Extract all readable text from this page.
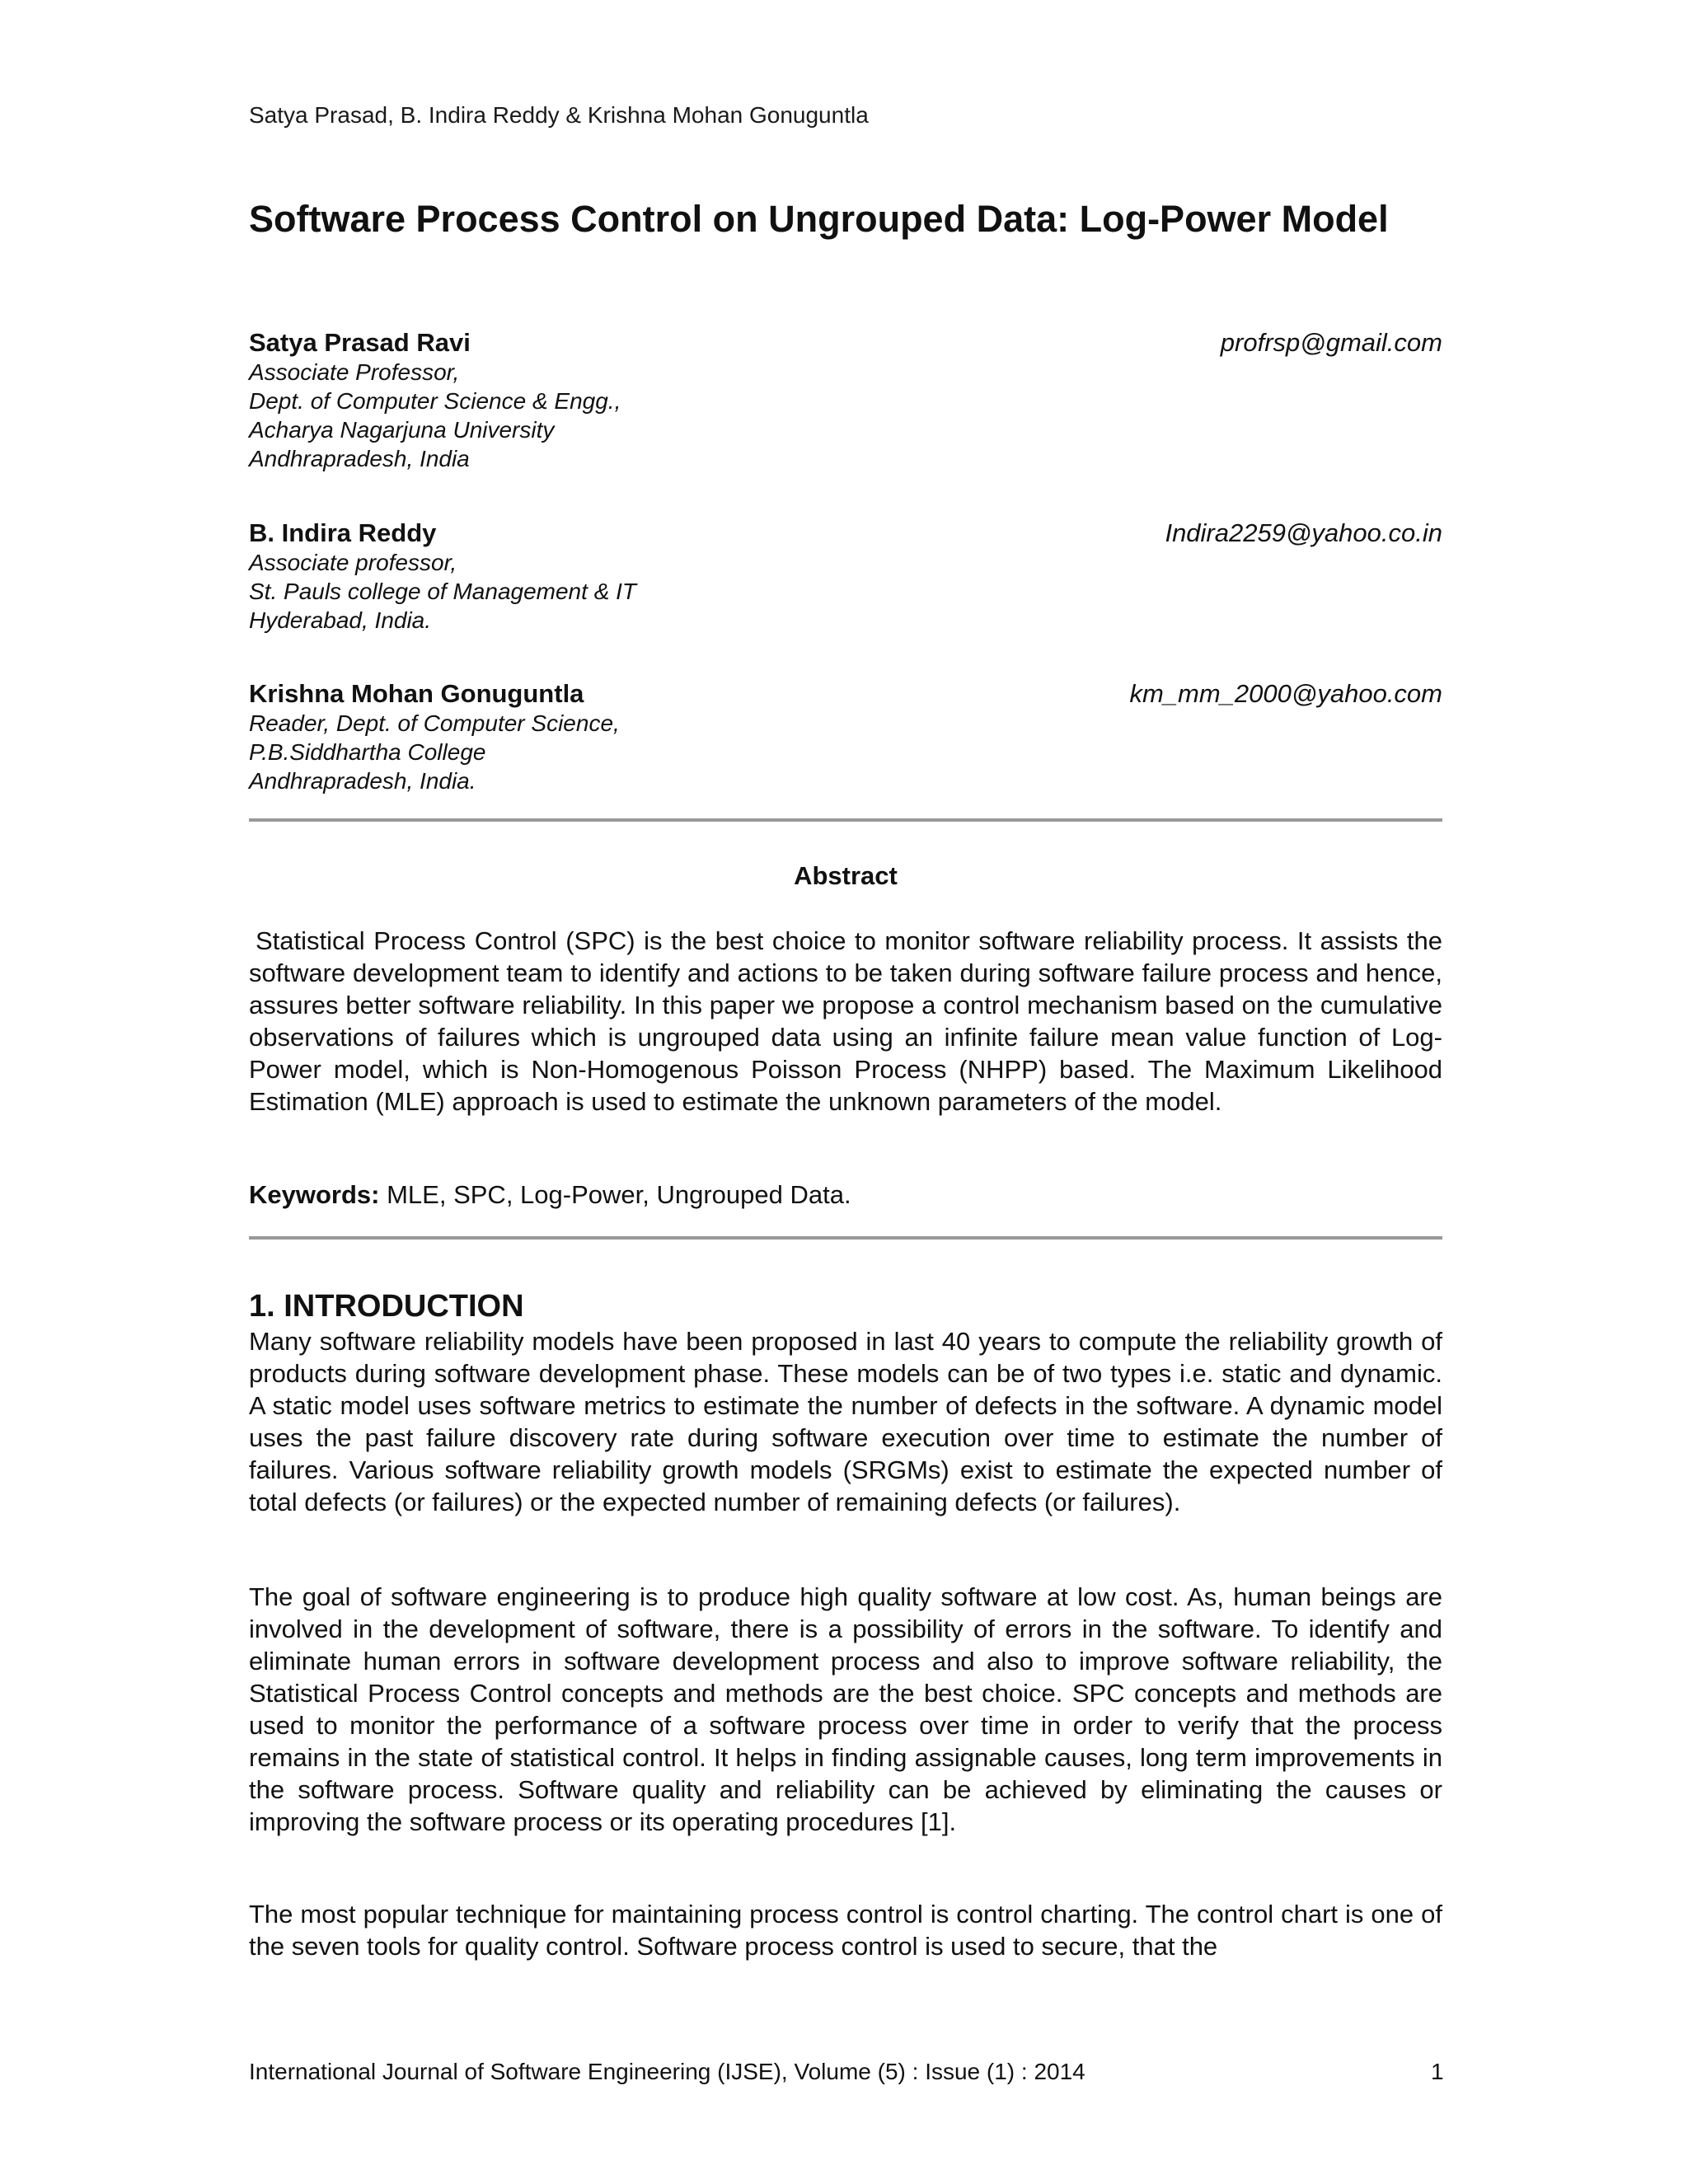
Satya Prasad, B. Indira Reddy & Krishna Mohan Gonuguntla
Software Process Control on Ungrouped Data: Log-Power Model
Satya Prasad Ravi	profrsp@gmail.com
Associate Professor,
Dept. of Computer Science & Engg.,
Acharya Nagarjuna University
Andhrapradesh, India
B. Indira Reddy	Indira2259@yahoo.co.in
Associate professor,
St. Pauls college of Management & IT
Hyderabad, India.
Krishna Mohan Gonuguntla	km_mm_2000@yahoo.com
Reader, Dept. of Computer Science,
P.B.Siddhartha College
Andhrapradesh, India.
Abstract

Statistical Process Control (SPC) is the best choice to monitor software reliability process. It assists the software development team to identify and actions to be taken during software failure process and hence, assures better software reliability. In this paper we propose a control mechanism based on the cumulative observations of failures which is ungrouped data using an infinite failure mean value function of Log-Power model, which is Non-Homogenous Poisson Process (NHPP) based. The Maximum Likelihood Estimation (MLE) approach is used to estimate the unknown parameters of the model.

Keywords: MLE, SPC, Log-Power, Ungrouped Data.
1. INTRODUCTION

Many software reliability models have been proposed in last 40 years to compute the reliability growth of products during software development phase. These models can be of two types i.e. static and dynamic. A static model uses software metrics to estimate the number of defects in the software. A dynamic model uses the past failure discovery rate during software execution over time to estimate the number of failures. Various software reliability growth models (SRGMs) exist to estimate the expected number of total defects (or failures) or the expected number of remaining defects (or failures).

The goal of software engineering is to produce high quality software at low cost. As, human beings are involved in the development of software, there is a possibility of errors in the software. To identify and eliminate human errors in software development process and also to improve software reliability, the Statistical Process Control concepts and methods are the best choice. SPC concepts and methods are used to monitor the performance of a software process over time in order to verify that the process remains in the state of statistical control. It helps in finding assignable causes, long term improvements in the software process. Software quality and reliability can be achieved by eliminating the causes or improving the software process or its operating procedures [1].

The most popular technique for maintaining process control is control charting. The control chart is one of the seven tools for quality control. Software process control is used to secure, that the

International Journal of Software Engineering (IJSE), Volume (5) : Issue (1) : 2014	1
